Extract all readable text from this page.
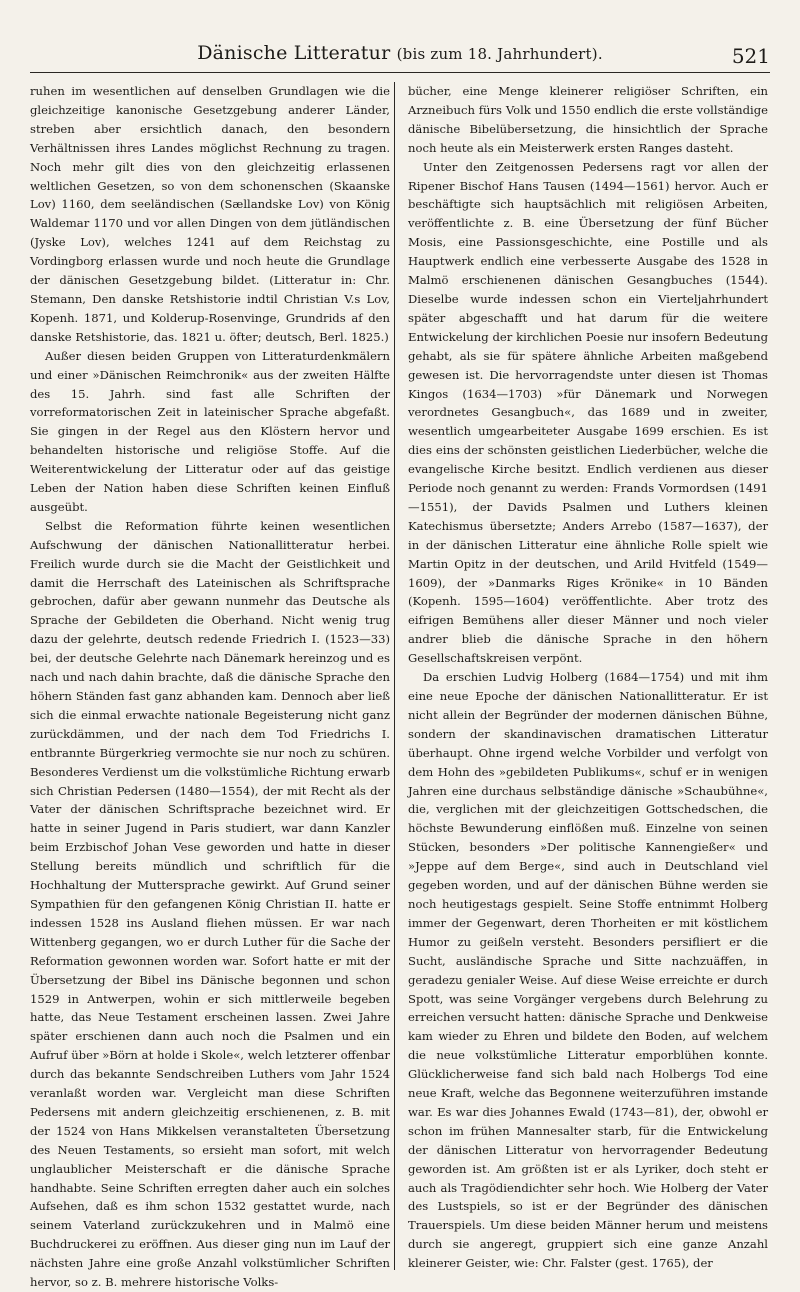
Dänische Litteratur (bis zum 18. Jahrhundert).	521

ruhen im wesentlichen auf denselben Grundlagen wie die gleichzeitige kanonische Gesetzgebung anderer Länder, streben aber ersichtlich danach, den besondern Verhältnissen ihres Landes möglichst Rechnung zu tragen. Noch mehr gilt dies von den gleichzeitig erlassenen weltlichen Gesetzen, so von dem schonenschen (Skaanske Lov) 1160, dem seeländischen (Sællandske Lov) von König Waldemar 1170 und vor allen Dingen von dem jütländischen (Jyske Lov), welches 1241 auf dem Reichstag zu Vordingborg erlassen wurde und noch heute die Grundlage der dänischen Gesetzgebung bildet. (Litteratur in: Chr. Stemann, Den danske Retshistorie indtil Christian V.s Lov, Kopenh. 1871, und Kolderup-Rosenvinge, Grundrids af den danske Retshistorie, das. 1821 u. öfter; deutsch, Berl. 1825.)

Außer diesen beiden Gruppen von Litteraturdenkmälern und einer »Dänischen Reimchronik« aus der zweiten Hälfte des 15. Jahrh. sind fast alle Schriften der vorreformatorischen Zeit in lateinischer Sprache abgefaßt. Sie gingen in der Regel aus den Klöstern hervor und behandelten historische und religiöse Stoffe. Auf die Weiterentwickelung der Litteratur oder auf das geistige Leben der Nation haben diese Schriften keinen Einfluß ausgeübt.

Selbst die Reformation führte keinen wesentlichen Aufschwung der dänischen Nationallitteratur herbei. Freilich wurde durch sie die Macht der Geistlichkeit und damit die Herrschaft des Lateinischen als Schriftsprache gebrochen, dafür aber gewann nunmehr das Deutsche als Sprache der Gebildeten die Oberhand. Nicht wenig trug dazu der gelehrte, deutsch redende Friedrich I. (1523—33) bei, der deutsche Gelehrte nach Dänemark hereinzog und es nach und nach dahin brachte, daß die dänische Sprache den höhern Ständen fast ganz abhanden kam. Dennoch aber ließ sich die einmal erwachte nationale Begeisterung nicht ganz zurückdämmen, und der nach dem Tod Friedrichs I. entbrannte Bürgerkrieg vermochte sie nur noch zu schüren. Besonderes Verdienst um die volkstümliche Richtung erwarb sich Christian Pedersen (1480—1554), der mit Recht als der Vater der dänischen Schriftsprache bezeichnet wird. Er hatte in seiner Jugend in Paris studiert, war dann Kanzler beim Erzbischof Johan Vese geworden und hatte in dieser Stellung bereits mündlich und schriftlich für die Hochhaltung der Muttersprache gewirkt. Auf Grund seiner Sympathien für den gefangenen König Christian II. hatte er indessen 1528 ins Ausland fliehen müssen. Er war nach Wittenberg gegangen, wo er durch Luther für die Sache der Reformation gewonnen worden war. Sofort hatte er mit der Übersetzung der Bibel ins Dänische begonnen und schon 1529 in Antwerpen, wohin er sich mittlerweile begeben hatte, das Neue Testament erscheinen lassen. Zwei Jahre später erschienen dann auch noch die Psalmen und ein Aufruf über »Börn at holde i Skole«, welch letzterer offenbar durch das bekannte Sendschreiben Luthers vom Jahr 1524 veranlaßt worden war. Vergleicht man diese Schriften Pedersens mit andern gleichzeitig erschienenen, z. B. mit der 1524 von Hans Mikkelsen veranstalteten Übersetzung des Neuen Testaments, so ersieht man sofort, mit welch unglaublicher Meisterschaft er die dänische Sprache handhabte. Seine Schriften erregten daher auch ein solches Aufsehen, daß es ihm schon 1532 gestattet wurde, nach seinem Vaterland zurückzukehren und in Malmö eine Buchdruckerei zu eröffnen. Aus dieser ging nun im Lauf der nächsten Jahre eine große Anzahl volkstümlicher Schriften hervor, so z. B. mehrere historische Volks-

bücher, eine Menge kleinerer religiöser Schriften, ein Arzneibuch fürs Volk und 1550 endlich die erste vollständige dänische Bibelübersetzung, die hinsichtlich der Sprache noch heute als ein Meisterwerk ersten Ranges dasteht.

Unter den Zeitgenossen Pedersens ragt vor allen der Ripener Bischof Hans Tausen (1494—1561) hervor. Auch er beschäftigte sich hauptsächlich mit religiösen Arbeiten, veröffentlichte z. B. eine Übersetzung der fünf Bücher Mosis, eine Passionsgeschichte, eine Postille und als Hauptwerk endlich eine verbesserte Ausgabe des 1528 in Malmö erschienenen dänischen Gesangbuches (1544). Dieselbe wurde indessen schon ein Vierteljahrhundert später abgeschafft und hat darum für die weitere Entwickelung der kirchlichen Poesie nur insofern Bedeutung gehabt, als sie für spätere ähnliche Arbeiten maßgebend gewesen ist. Die hervorragendste unter diesen ist Thomas Kingos (1634—1703) »für Dänemark und Norwegen verordnetes Gesangbuch«, das 1689 und in zweiter, wesentlich umgearbeiteter Ausgabe 1699 erschien. Es ist dies eins der schönsten geistlichen Liederbücher, welche die evangelische Kirche besitzt. Endlich verdienen aus dieser Periode noch genannt zu werden: Frands Vormordsen (1491—1551), der Davids Psalmen und Luthers kleinen Katechismus übersetzte; Anders Arrebo (1587—1637), der in der dänischen Litteratur eine ähnliche Rolle spielt wie Martin Opitz in der deutschen, und Arild Hvitfeld (1549—1609), der »Danmarks Riges Krönike« in 10 Bänden (Kopenh. 1595—1604) veröffentlichte. Aber trotz des eifrigen Bemühens aller dieser Männer und noch vieler andrer blieb die dänische Sprache in den höhern Gesellschaftskreisen verpönt.

Da erschien Ludvig Holberg (1684—1754) und mit ihm eine neue Epoche der dänischen Nationallitteratur. Er ist nicht allein der Begründer der modernen dänischen Bühne, sondern der skandinavischen dramatischen Litteratur überhaupt. Ohne irgend welche Vorbilder und verfolgt von dem Hohn des »gebildeten Publikums«, schuf er in wenigen Jahren eine durchaus selbständige dänische »Schaubühne«, die, verglichen mit der gleichzeitigen Gottschedschen, die höchste Bewunderung einflößen muß. Einzelne von seinen Stücken, besonders »Der politische Kannengießer« und »Jeppe auf dem Berge«, sind auch in Deutschland viel gegeben worden, und auf der dänischen Bühne werden sie noch heutigestags gespielt. Seine Stoffe entnimmt Holberg immer der Gegenwart, deren Thorheiten er mit köstlichem Humor zu geißeln versteht. Besonders persifliert er die Sucht, ausländische Sprache und Sitte nachzuäffen, in geradezu genialer Weise. Auf diese Weise erreichte er durch Spott, was seine Vorgänger vergebens durch Belehrung zu erreichen versucht hatten: dänische Sprache und Denkweise kam wieder zu Ehren und bildete den Boden, auf welchem die neue volkstümliche Litteratur emporblühen konnte. Glücklicherweise fand sich bald nach Holbergs Tod eine neue Kraft, welche das Begonnene weiterzuführen imstande war. Es war dies Johannes Ewald (1743—81), der, obwohl er schon im frühen Mannesalter starb, für die Entwickelung der dänischen Litteratur von hervorragender Bedeutung geworden ist. Am größten ist er als Lyriker, doch steht er auch als Tragödiendichter sehr hoch. Wie Holberg der Vater des Lustspiels, so ist er der Begründer des dänischen Trauerspiels. Um diese beiden Männer herum und meistens durch sie angeregt, gruppiert sich eine ganze Anzahl kleinerer Geister, wie: Chr. Falster (gest. 1765), der
